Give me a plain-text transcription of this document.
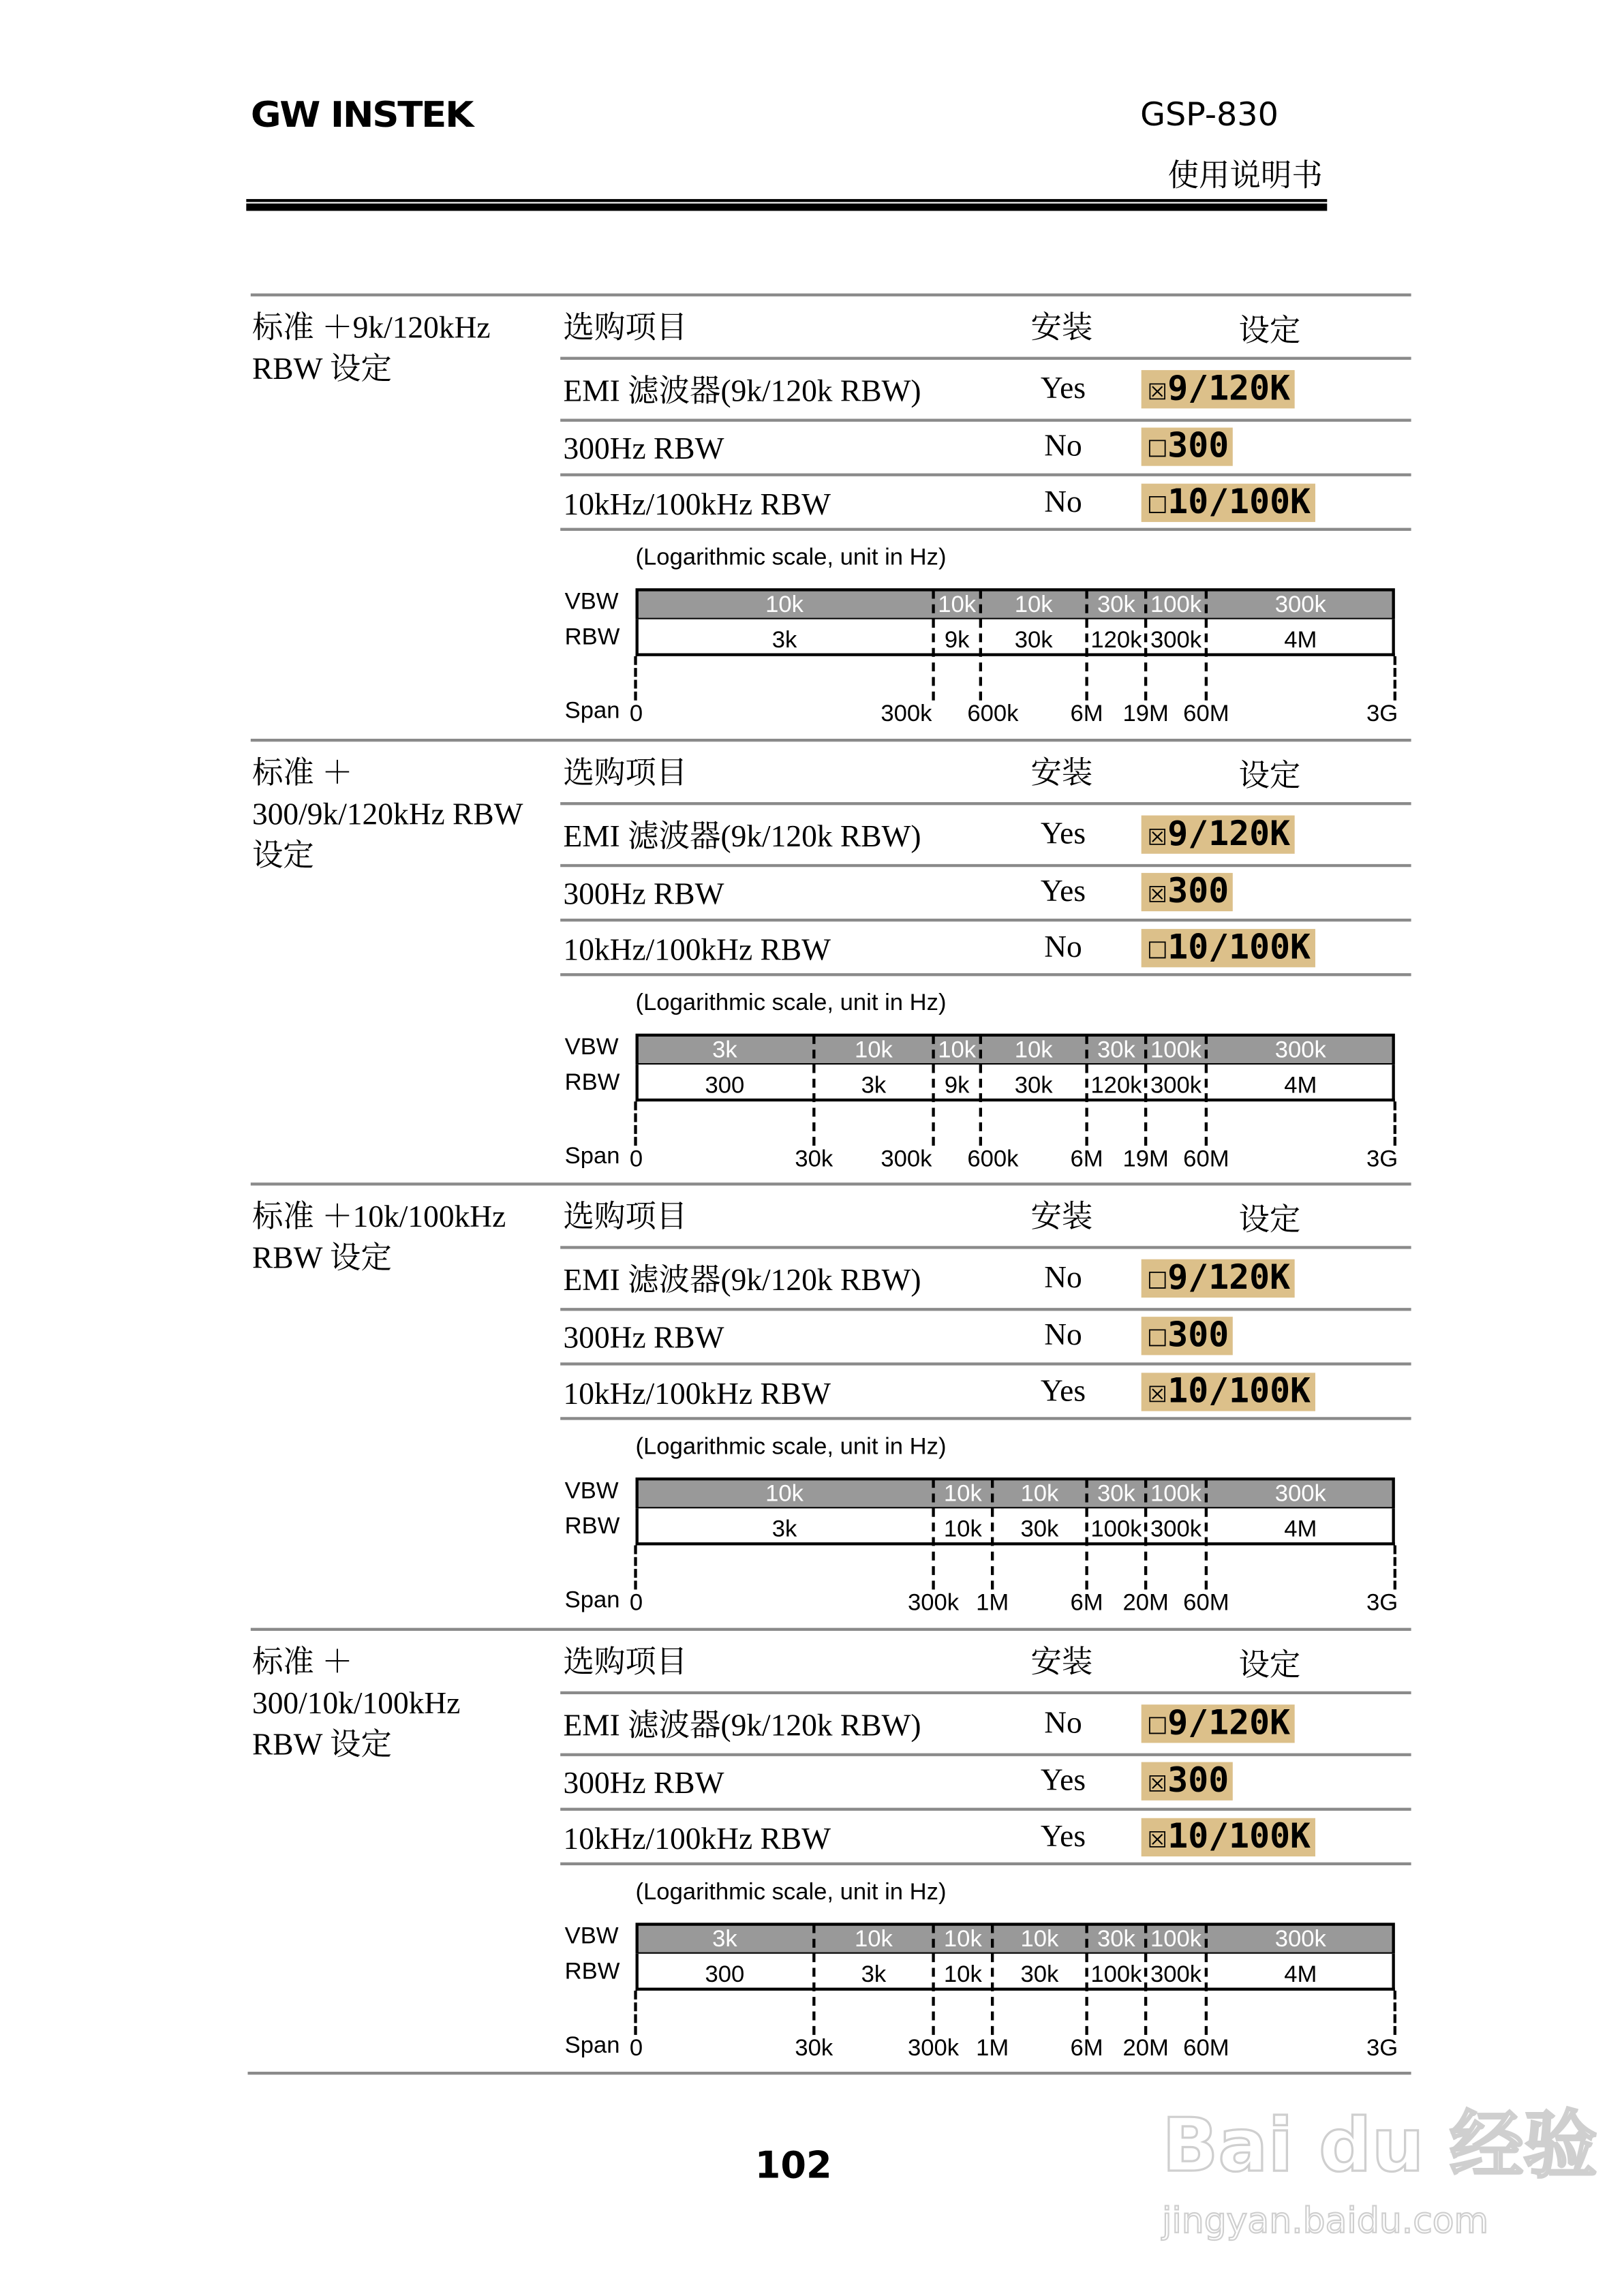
GW INSTEK	GSP-830
使用说明书
标准 ＋9k/120kHz
RBW 设定
选购项目	安装	设定
EMI 滤波器(9k/120k RBW)	Yes	☒9/120K
300Hz RBW	No	☐300
10kHz/100kHz RBW	No	☐10/100K
(Logarithmic scale, unit in Hz)
VBW
RBW
Span 0	300k	600k	6M 19M 60M	3G
10k
3k
10k
9k
10k
30k
30k
120k
100k
300k
300k
4M
标准 ＋
300/9k/120kHz RBW
设定
选购项目	安装	设定
EMI 滤波器(9k/120k RBW)	Yes	☒9/120K
300Hz RBW	Yes	☒300
10kHz/100kHz RBW	No	☐10/100K
(Logarithmic scale, unit in Hz)
VBW
RBW
Span 0	30k	300k	600k	6M 19M 60M	3G
3k
300
10k
3k
10k
9k
10k
30k
30k
120k
100k
300k
300k
4M
标准 ＋10k/100kHz
RBW 设定
选购项目	安装	设定
EMI 滤波器(9k/120k RBW)	No	☐9/120K
300Hz RBW	No	☐300
10kHz/100kHz RBW	Yes	☒10/100K
(Logarithmic scale, unit in Hz)
VBW
RBW
Span 0	300k 1M	6M 20M 60M	3G
10k
3k
10k
10k
10k
30k
30k
100k
100k
300k
300k
4M
标准 ＋
300/10k/100kHz
RBW 设定
选购项目	安装	设定
EMI 滤波器(9k/120k RBW)	No	☐9/120K
300Hz RBW	Yes	☒300
10kHz/100kHz RBW	Yes	☒10/100K
(Logarithmic scale, unit in Hz)
VBW
RBW
Span 0	30k	300k 1M	6M 20M 60M	3G
3k
300
10k
3k
10k
10k
10k
30k
30k
100k
100k
300k
300k
4M
102	Bai du 经验
jingyan.baidu.com
